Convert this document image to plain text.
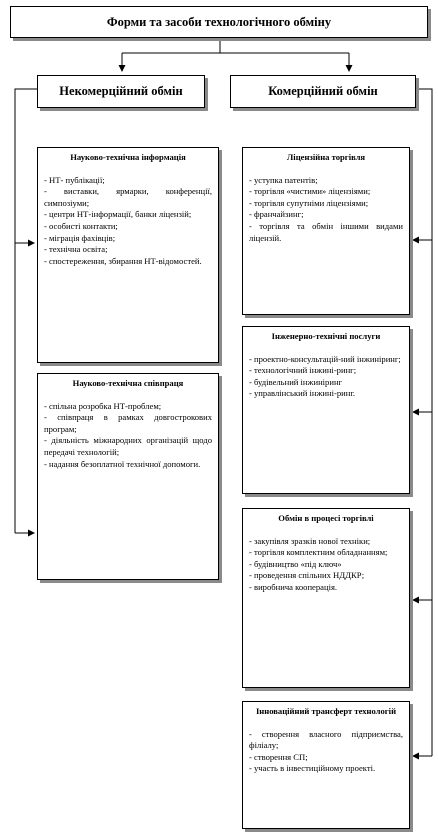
Форми та засоби технологічного обміну
Некомерційний обмін	Комерційний обмін
Науково-технічна інформація
- НТ- публікації;
- виставки, ярмарки, конференції, симпозіуми;
- центри НТ-інформації, банки ліцензій;
- особисті контакти;
- міграція фахівців;
- технічна освіта;
- спостереження, збирання НТ-відомостей.
Науково-технічна співпраця
- спільна розробка НТ-проблем;
- співпраця в рамках довгострокових програм;
- діяльність міжнародних організацій щодо передачі технологій;
- надання безоплатної технічної допомоги.
Ліцензійна торгівля
- уступка патентів;
- торгівля «чистими» ліцензіями;
- торгівля супутніми ліцензіями;
- франчайзинг;
- торгівля та обмін іншими видами ліцензій.
Інженерно-технічні послуги
- проектно-консультацій-ний інжиніринг;
- технологічний інжині-ринг;
- будівельний інжиніринг
- управлінський інжині-ринг.
Обмін в процесі торгівлі
- закупівля зразків нової техніки;
- торгівля комплектним обладнанням;
- будівництво «під ключ»
- проведення спільних НДДКР;
- виробнича кооперація.
Інноваційний трансферт технологій
- створення власного підприємства, філіалу;
- створення СП;
- участь в інвестиційному проекті.
